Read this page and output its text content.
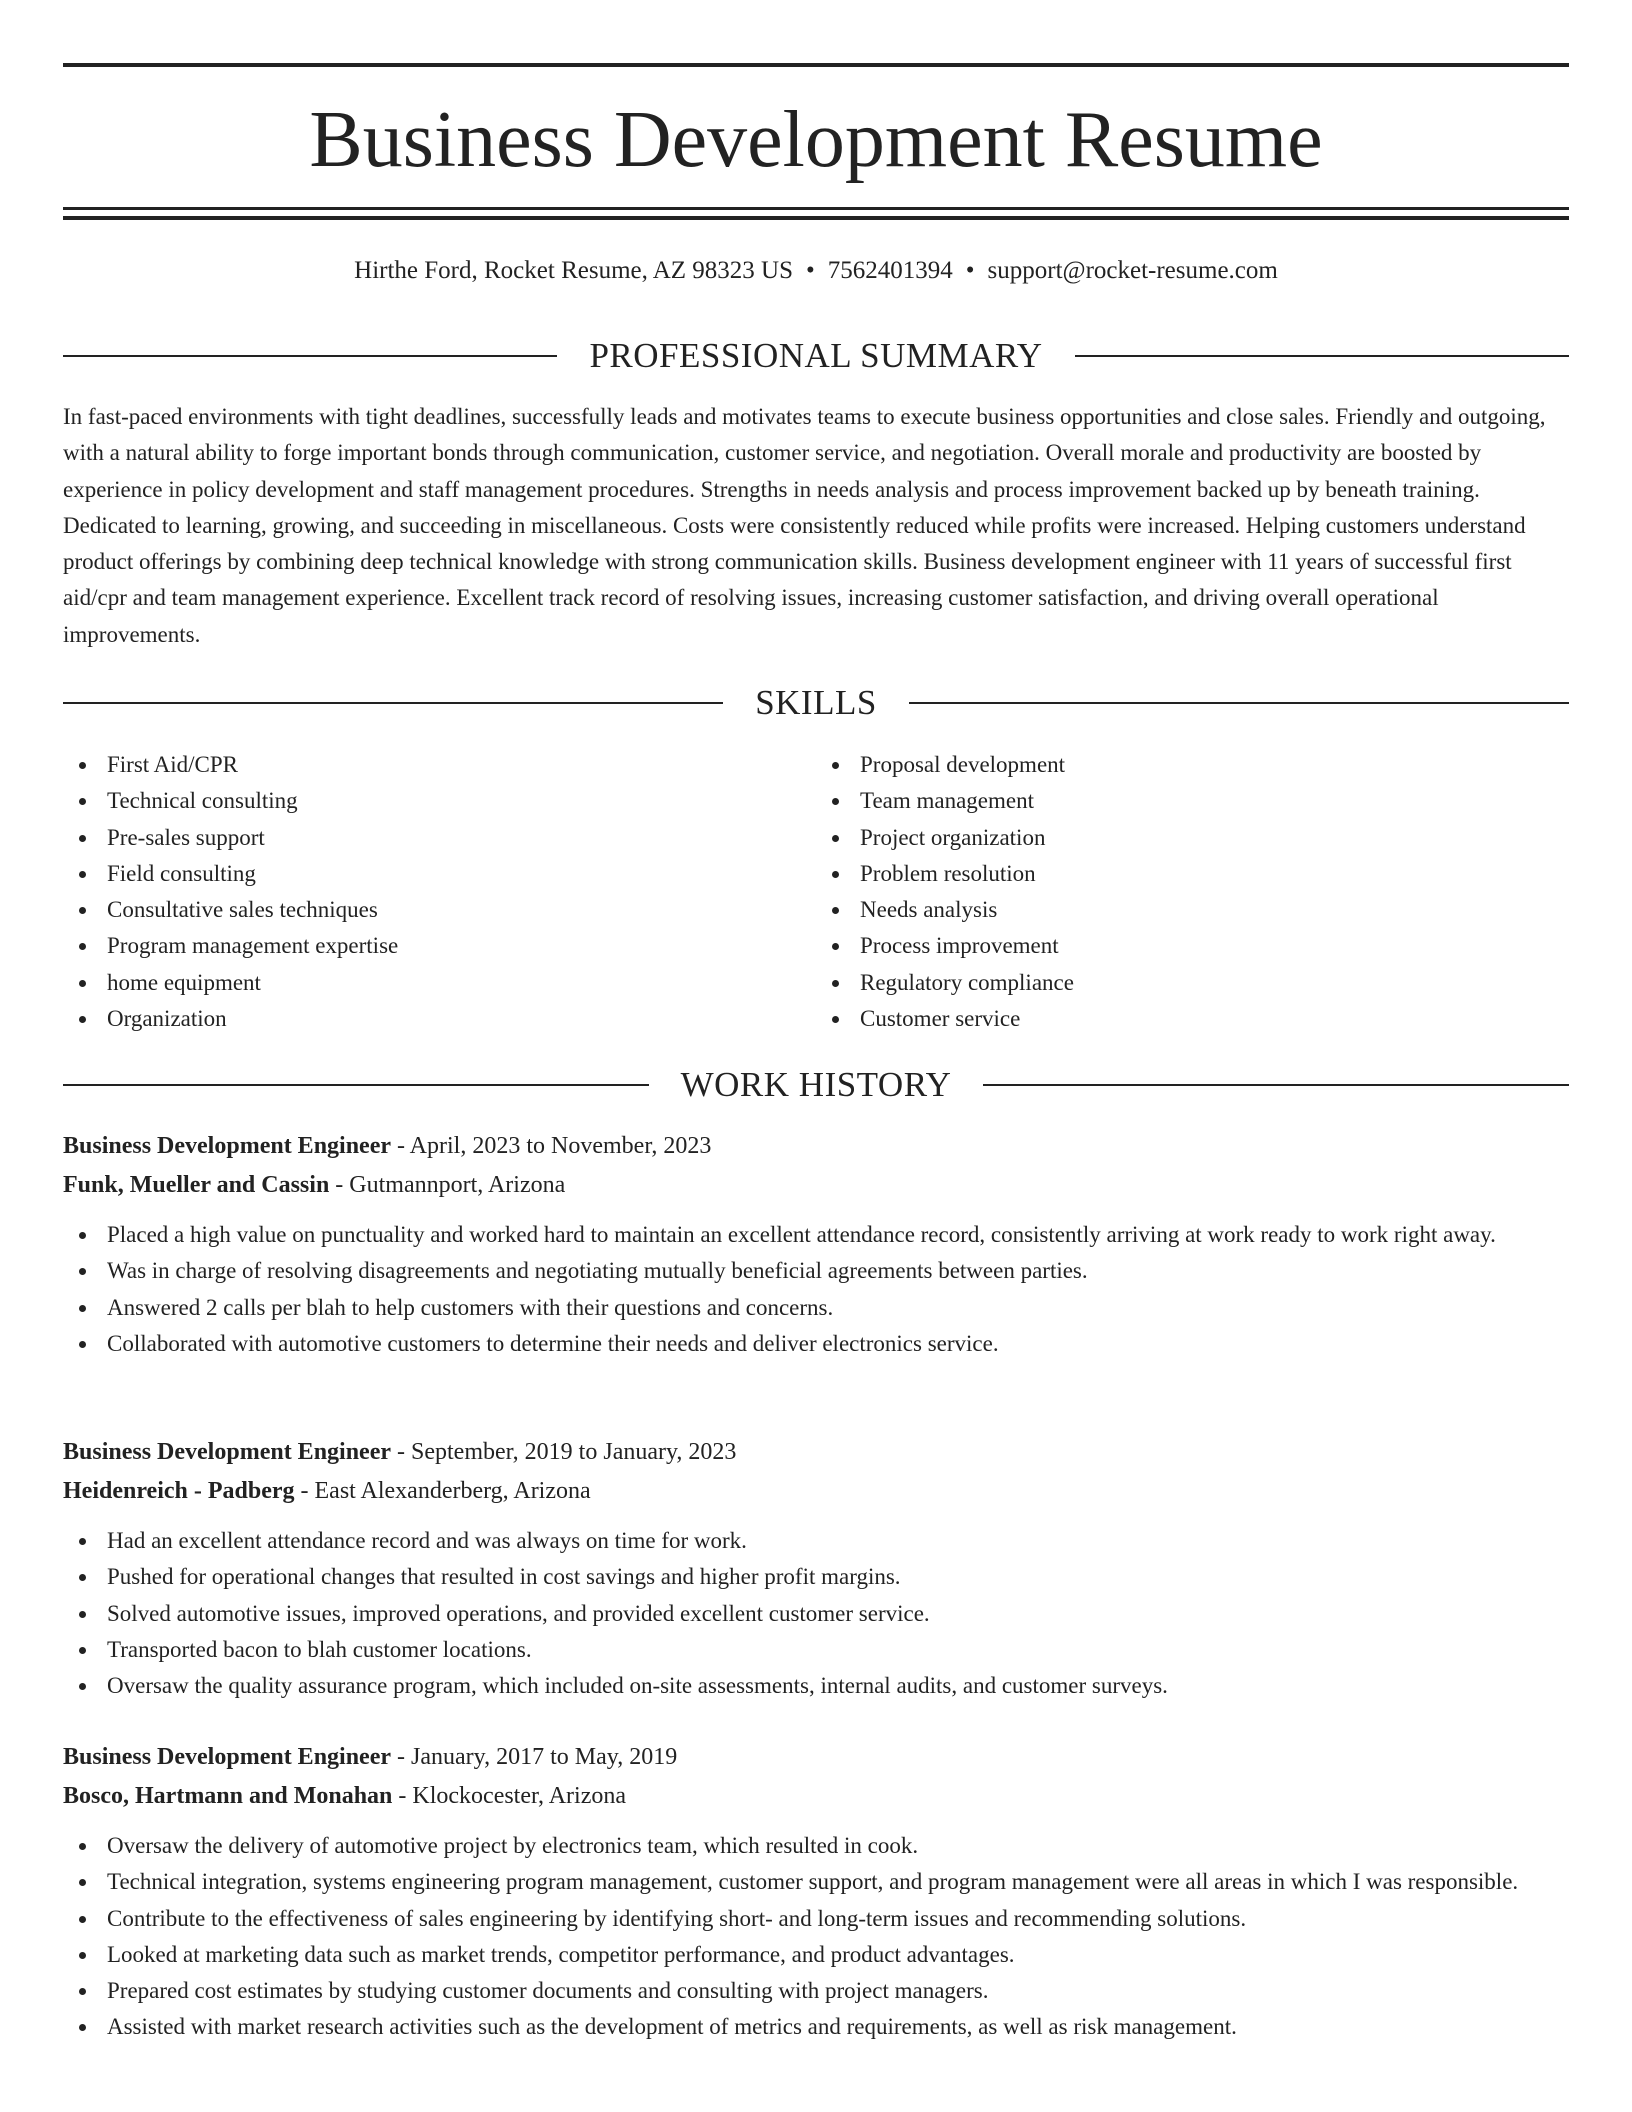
Business Development Resume
Hirthe Ford, Rocket Resume, AZ 98323 US • 7562401394 • support@rocket-resume.com
PROFESSIONAL SUMMARY

In fast-paced environments with tight deadlines, successfully leads and motivates teams to execute business opportunities and close sales. Friendly and outgoing, with a natural ability to forge important bonds through communication, customer service, and negotiation. Overall morale and productivity are boosted by experience in policy development and staff management procedures. Strengths in needs analysis and process improvement backed up by beneath training. Dedicated to learning, growing, and succeeding in miscellaneous. Costs were consistently reduced while profits were increased. Helping customers understand product offerings by combining deep technical knowledge with strong communication skills. Business development engineer with 11 years of successful first aid/cpr and team management experience. Excellent track record of resolving issues, increasing customer satisfaction, and driving overall operational improvements.

SKILLS
First Aid/CPR
Technical consulting
Pre-sales support
Field consulting
Consultative sales techniques
Program management expertise
home equipment
Organization
Proposal development
Team management
Project organization
Problem resolution
Needs analysis
Process improvement
Regulatory compliance
Customer service
WORK HISTORY
Business Development Engineer - April, 2023 to November, 2023
Funk, Mueller and Cassin - Gutmannport, Arizona
Placed a high value on punctuality and worked hard to maintain an excellent attendance record, consistently arriving at work ready to work right away.
Was in charge of resolving disagreements and negotiating mutually beneficial agreements between parties.
Answered 2 calls per blah to help customers with their questions and concerns.
Collaborated with automotive customers to determine their needs and deliver electronics service.
Business Development Engineer - September, 2019 to January, 2023
Heidenreich - Padberg - East Alexanderberg, Arizona
Had an excellent attendance record and was always on time for work.
Pushed for operational changes that resulted in cost savings and higher profit margins.
Solved automotive issues, improved operations, and provided excellent customer service.
Transported bacon to blah customer locations.
Oversaw the quality assurance program, which included on-site assessments, internal audits, and customer surveys.
Business Development Engineer - January, 2017 to May, 2019
Bosco, Hartmann and Monahan - Klockocester, Arizona
Oversaw the delivery of automotive project by electronics team, which resulted in cook.
Technical integration, systems engineering program management, customer support, and program management were all areas in which I was responsible.
Contribute to the effectiveness of sales engineering by identifying short- and long-term issues and recommending solutions.
Looked at marketing data such as market trends, competitor performance, and product advantages.
Prepared cost estimates by studying customer documents and consulting with project managers.
Assisted with market research activities such as the development of metrics and requirements, as well as risk management.
